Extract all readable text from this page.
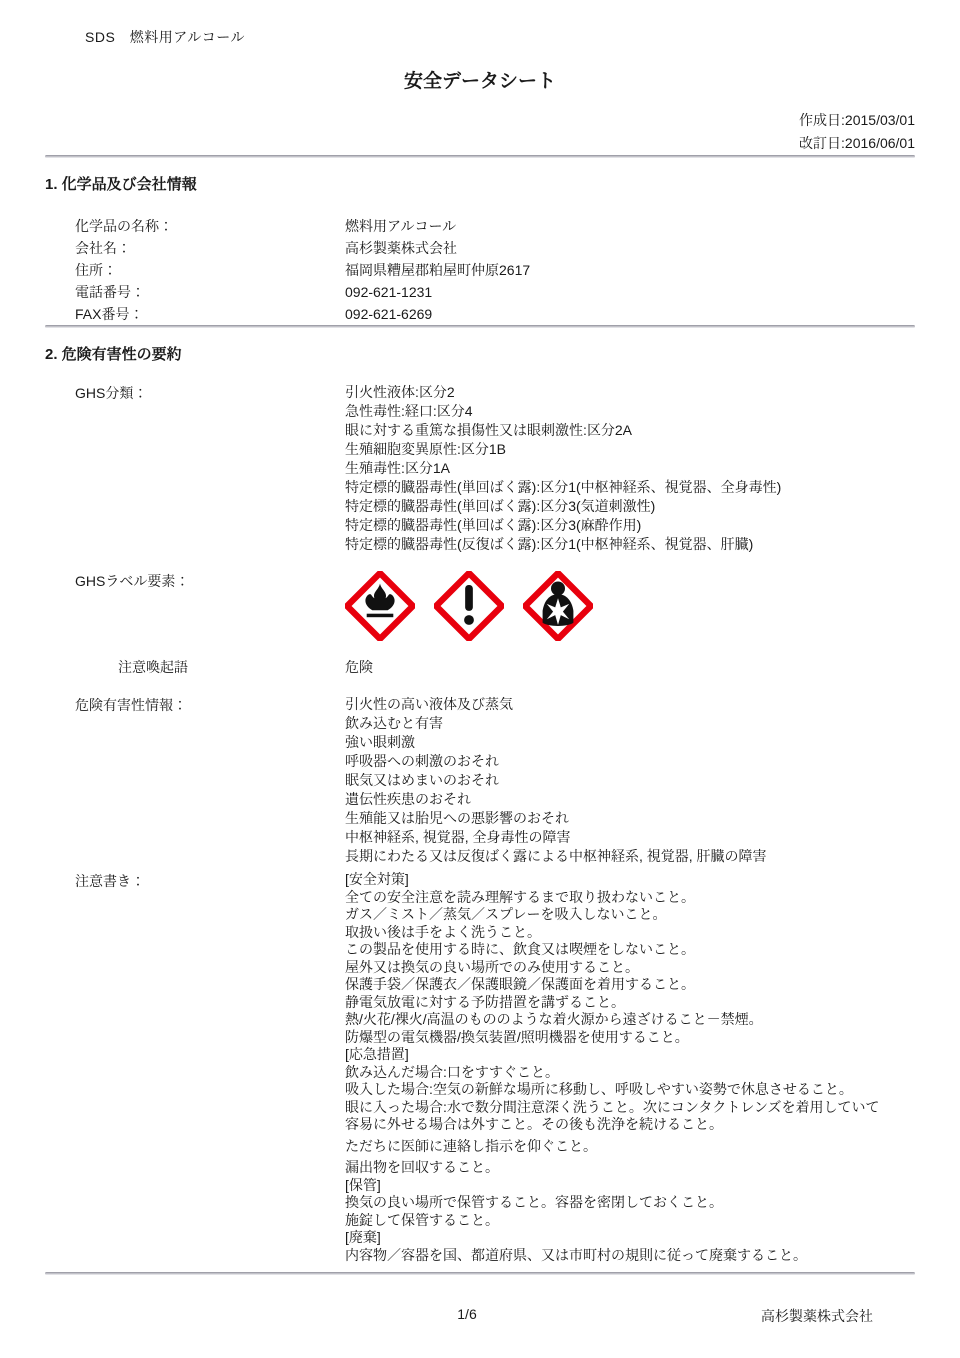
SDS　燃料用アルコール
安全データシート
作成日:2015/03/01
改訂日:2016/06/01
1. 化学品及び会社情報
化学品の名称：	燃料用アルコール
会社名：	高杉製薬株式会社
住所：	福岡県糟屋郡粕屋町仲原2617
電話番号：	092-621-1231
FAX番号：	092-621-6269
2. 危険有害性の要約
GHS分類：	引火性液体:区分2
急性毒性:経口:区分4
眼に対する重篤な損傷性又は眼刺激性:区分2A
生殖細胞変異原性:区分1B
生殖毒性:区分1A
特定標的臓器毒性(単回ばく露):区分1(中枢神経系、視覚器、全身毒性)
特定標的臓器毒性(単回ばく露):区分3(気道刺激性)
特定標的臓器毒性(単回ばく露):区分3(麻酔作用)
特定標的臓器毒性(反復ばく露):区分1(中枢神経系、視覚器、肝臓)
GHSラベル要素：
注意喚起語	危険
危険有害性情報：	引火性の高い液体及び蒸気
飲み込むと有害
強い眼刺激
呼吸器への刺激のおそれ
眠気又はめまいのおそれ
遺伝性疾患のおそれ
生殖能又は胎児への悪影響のおそれ
中枢神経系, 視覚器, 全身毒性の障害
長期にわたる又は反復ばく露による中枢神経系, 視覚器, 肝臓の障害
注意書き：	[安全対策]
全ての安全注意を読み理解するまで取り扱わないこと。
ガス／ミスト／蒸気／スプレーを吸入しないこと。
取扱い後は手をよく洗うこと。
この製品を使用する時に、飲食又は喫煙をしないこと。
屋外又は換気の良い場所でのみ使用すること。
保護手袋／保護衣／保護眼鏡／保護面を着用すること。
静電気放電に対する予防措置を講ずること。
熱/火花/裸火/高温のもののような着火源から遠ざけること－禁煙。
防爆型の電気機器/換気装置/照明機器を使用すること。
[応急措置]
飲み込んだ場合:口をすすぐこと。
吸入した場合:空気の新鮮な場所に移動し、呼吸しやすい姿勢で休息させること。
眼に入った場合:水で数分間注意深く洗うこと。次にコンタクトレンズを着用していて
容易に外せる場合は外すこと。その後も洗浄を続けること。
ただちに医師に連絡し指示を仰ぐこと。
漏出物を回収すること。
[保管]
換気の良い場所で保管すること。容器を密閉しておくこと。
施錠して保管すること。
[廃棄]
内容物／容器を国、都道府県、又は市町村の規則に従って廃棄すること。
1/6	高杉製薬株式会社
